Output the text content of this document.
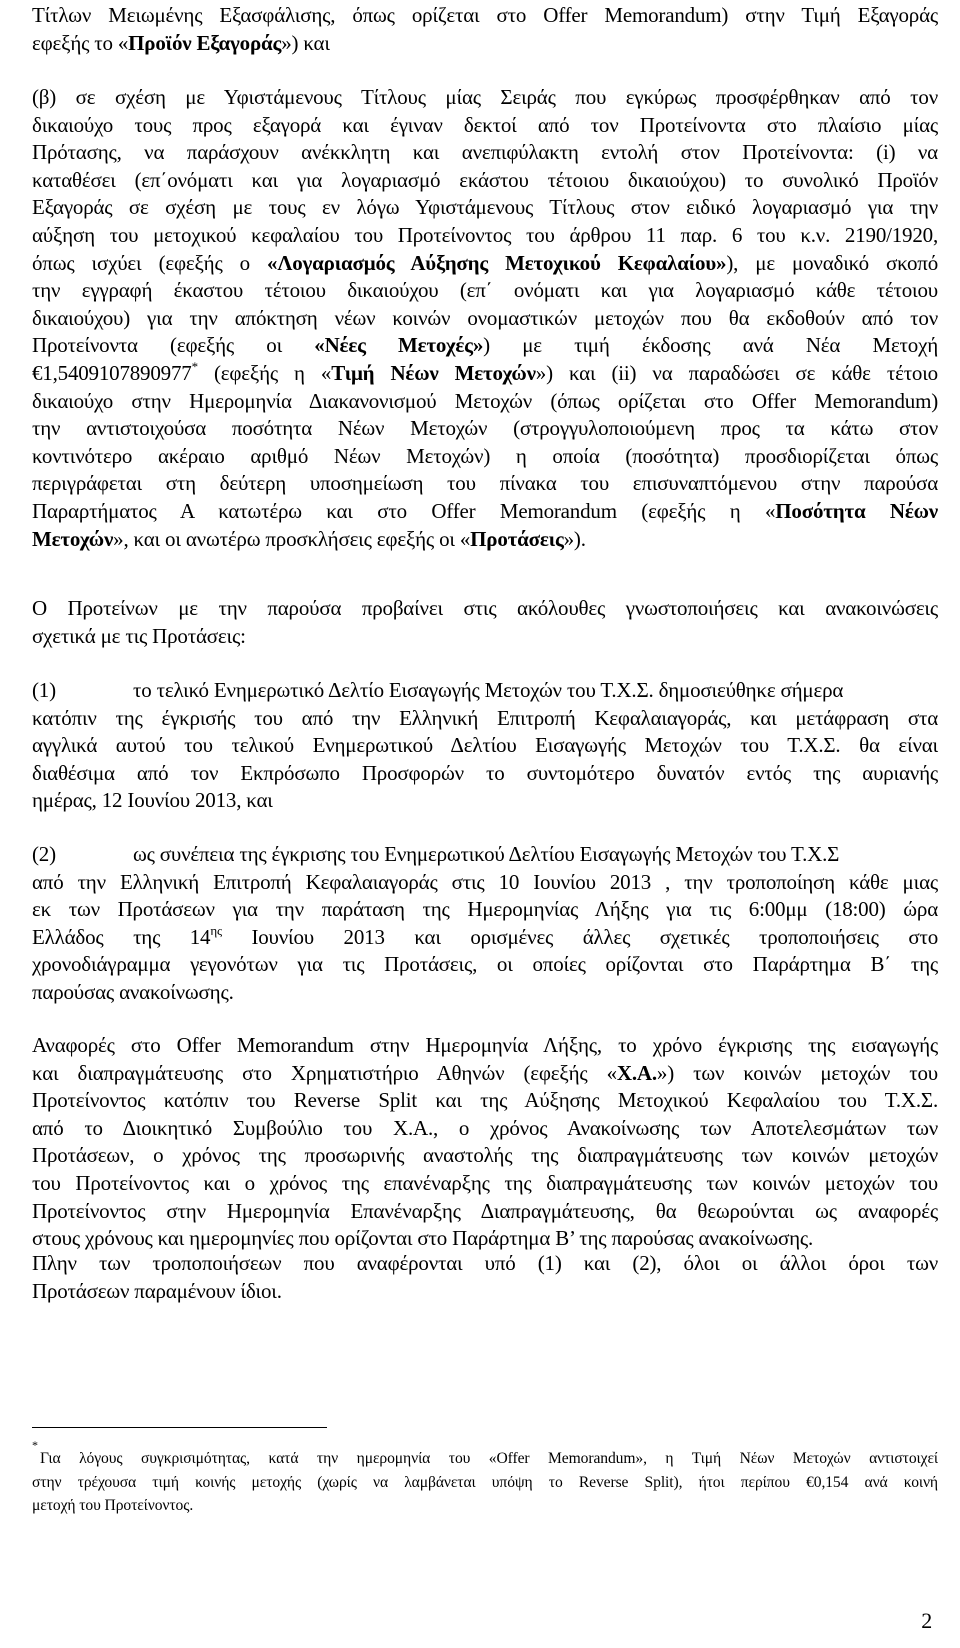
Τίτλων Μειωμένης Εξασφάλισης, όπως ορίζεται στο Offer Memorandum) στην Τιμή Εξαγοράς
εφεξής το «Προϊόν Εξαγοράς») και
(β) σε σχέση με Υφιστάμενους Τίτλους μίας Σειράς που εγκύρως προσφέρθηκαν από τον
δικαιούχο τους προς εξαγορά και έγιναν δεκτοί από τον Προτείνοντα στο πλαίσιο μίας
Πρότασης, να παράσχουν ανέκκλητη και ανεπιφύλακτη εντολή στον Προτείνοντα: (i) να
καταθέσει (επ΄ονόματι και για λογαριασμό εκάστου τέτοιου δικαιούχου) το συνολικό Προϊόν
Εξαγοράς σε σχέση με τους εν λόγω Υφιστάμενους Τίτλους στον ειδικό λογαριασμό για την
αύξηση του μετοχικού κεφαλαίου του Προτείνοντος του άρθρου 11 παρ. 6 του κ.ν. 2190/1920,
όπως ισχύει (εφεξής ο «Λογαριασμός Αύξησης Μετοχικού Κεφαλαίου»), με μοναδικό σκοπό
την εγγραφή έκαστου τέτοιου δικαιούχου (επ΄ ονόματι και για λογαριασμό κάθε τέτοιου
δικαιούχου) για την απόκτηση νέων κοινών ονομαστικών μετοχών που θα εκδοθούν από τον
Προτείνοντα (εφεξής οι «Νέες Μετοχές») με τιμή έκδοσης ανά Νέα Μετοχή
€1,5409107890977* (εφεξής η «Τιμή Νέων Μετοχών») και (ii) να παραδώσει σε κάθε τέτοιο
δικαιούχο στην Ημερομηνία Διακανονισμού Μετοχών (όπως ορίζεται στο Offer Memorandum)
την αντιστοιχούσα ποσότητα Νέων Μετοχών (στρογγυλοποιούμενη προς τα κάτω στον
κοντινότερο ακέραιο αριθμό Νέων Μετοχών) η οποία (ποσότητα) προσδιορίζεται όπως
περιγράφεται στη δεύτερη υποσημείωση του πίνακα του επισυναπτόμενου στην παρούσα
Παραρτήματος Α κατωτέρω και στο Offer Memorandum (εφεξής η «Ποσότητα Νέων
Μετοχών», και οι ανωτέρω προσκλήσεις εφεξής οι «Προτάσεις»).
Ο Προτείνων με την παρούσα προβαίνει στις ακόλουθες γνωστοποιήσεις και ανακοινώσεις
σχετικά με τις Προτάσεις:
(1)	το τελικό Ενημερωτικό Δελτίο Εισαγωγής Μετοχών του Τ.Χ.Σ. δημοσιεύθηκε σήμερα
κατόπιν της έγκρισής του από την Ελληνική Επιτροπή Κεφαλαιαγοράς, και μετάφραση στα
αγγλικά αυτού του τελικού Ενημερωτικού Δελτίου Εισαγωγής Μετοχών του Τ.Χ.Σ. θα είναι
διαθέσιμα από τον Εκπρόσωπο Προσφορών το συντομότερο δυνατόν εντός της αυριανής
ημέρας, 12 Ιουνίου 2013, και
(2)	ως συνέπεια της έγκρισης του Ενημερωτικού Δελτίου Εισαγωγής Μετοχών του Τ.Χ.Σ
από την Ελληνική Επιτροπή Κεφαλαιαγοράς στις 10 Ιουνίου 2013 , την τροποποίηση κάθε μιας
εκ των Προτάσεων για την παράταση της Ημερομηνίας Λήξης για τις 6:00μμ (18:00) ώρα
Ελλάδος της $14^{\eta\varsigma}$ Ιουνίου 2013 και ορισμένες άλλες σχετικές τροποποιήσεις στο
χρονοδιάγραμμα γεγονότων για τις Προτάσεις, οι οποίες ορίζονται στο Παράρτημα Β΄ της
παρούσας ανακοίνωσης.
Αναφορές στο Offer Memorandum στην Ημερομηνία Λήξης, το χρόνο έγκρισης της εισαγωγής
και διαπραγμάτευσης στο Χρηματιστήριο Αθηνών (εφεξής «Χ.Α.») των κοινών μετοχών του
Προτείνοντος κατόπιν του Reverse Split και της Αύξησης Μετοχικού Κεφαλαίου του Τ.Χ.Σ.
από το Διοικητικό Συμβούλιο του Χ.Α., ο χρόνος Ανακοίνωσης των Αποτελεσμάτων των
Προτάσεων, ο χρόνος της προσωρινής αναστολής της διαπραγμάτευσης των κοινών μετοχών
του Προτείνοντος και ο χρόνος της επανέναρξης της διαπραγμάτευσης των κοινών μετοχών του
Προτείνοντος στην Ημερομηνία Επανέναρξης Διαπραγμάτευσης, θα θεωρούνται ως αναφορές
στους χρόνους και ημερομηνίες που ορίζονται στο Παράρτημα Β’ της παρούσας ανακοίνωσης.
Πλην των τροποποιήσεων που αναφέρονται υπό (1) και (2), όλοι οι άλλοι όροι των
Προτάσεων παραμένουν ίδιοι.
*
Για λόγους συγκρισιμότητας, κατά την ημερομηνία του «Offer Memorandum», η Τιμή Νέων Μετοχών αντιστοιχεί
στην τρέχουσα τιμή κοινής μετοχής (χωρίς να λαμβάνεται υπόψη το Reverse Split), ήτοι περίπου €0,154 ανά κοινή
μετοχή του Προτείνοντος.
2
